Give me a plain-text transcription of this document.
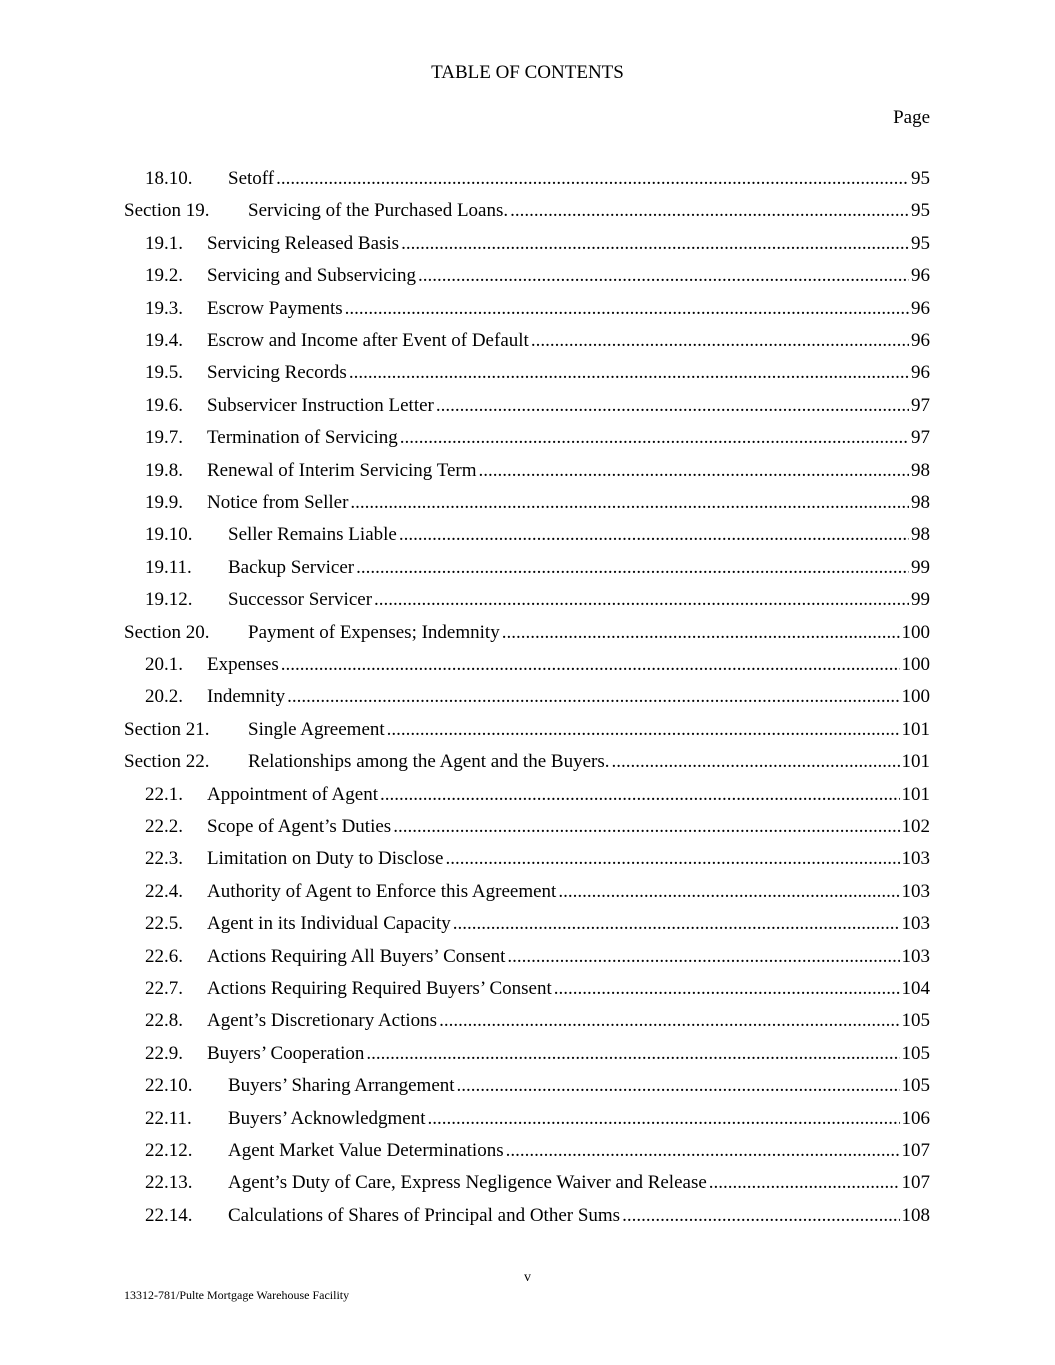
TABLE OF CONTENTS
Page
18.10.	Setoff .....	95
Section 19.	Servicing of the Purchased Loans. .....	95
19.1.	Servicing Released Basis .....	95
19.2.	Servicing and Subservicing .....	96
19.3.	Escrow Payments .....	96
19.4.	Escrow and Income after Event of Default .....	96
19.5.	Servicing Records .....	96
19.6.	Subservicer Instruction Letter .....	97
19.7.	Termination of Servicing .....	97
19.8.	Renewal of Interim Servicing Term .....	98
19.9.	Notice from Seller .....	98
19.10.	Seller Remains Liable .....	98
19.11.	Backup Servicer .....	99
19.12.	Successor Servicer .....	99
Section 20.	Payment of Expenses; Indemnity .....	100
20.1.	Expenses .....	100
20.2.	Indemnity .....	100
Section 21.	Single Agreement .....	101
Section 22.	Relationships among the Agent and the Buyers. .....	101
22.1.	Appointment of Agent .....	101
22.2.	Scope of Agent’s Duties .....	102
22.3.	Limitation on Duty to Disclose .....	103
22.4.	Authority of Agent to Enforce this Agreement .....	103
22.5.	Agent in its Individual Capacity .....	103
22.6.	Actions Requiring All Buyers’ Consent .....	103
22.7.	Actions Requiring Required Buyers’ Consent .....	104
22.8.	Agent’s Discretionary Actions .....	105
22.9.	Buyers’ Cooperation .....	105
22.10.	Buyers’ Sharing Arrangement .....	105
22.11.	Buyers’ Acknowledgment .....	106
22.12.	Agent Market Value Determinations .....	107
22.13.	Agent’s Duty of Care, Express Negligence Waiver and Release .....	107
22.14.	Calculations of Shares of Principal and Other Sums .....	108
v
13312-781/Pulte Mortgage Warehouse Facility
